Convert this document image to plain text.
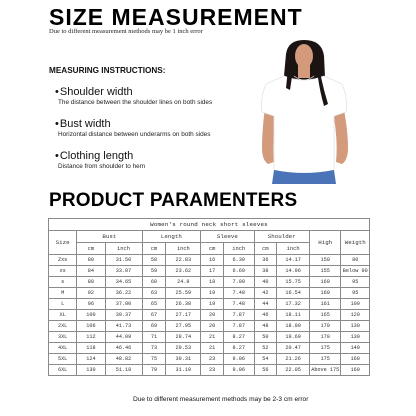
SIZE MEASUREMENT
Due to different measurement methods may be 1 inch error
MEASURING INSTRUCTIONS:
• Shoulder width
The distance between the shoulder lines on both sides
• Bust width
Horizontal distance between underarms on both sides
• Clothing length
Distance from shoulder to hem
PRODUCT PARAMENTERS
Women's round neck short sleeves										
Size	Bust		Length		Sleeve		Shoulder		High	Weigth
	cm	inch	cm	inch	cm	inch	cm	inch		
Zxs	80	31.50	58	22.83	16	6.30	36	14.17	150	80
xs	84	33.07	59	23.62	17	6.69	38	14.96	155	Below 90
s	88	34.65	60	24.9	18	7.09	40	15.75	160	95
M	92	36.22	63	25.59	19	7.48	42	16.54	160	95
L	96	37.80	65	26.38	19	7.48	44	17.32	161	100
XL	100	39.37	67	27.17	20	7.87	46	18.11	165	120
2XL	106	41.73	69	27.95	20	7.87	48	18.90	170	130
3XL	112	44.09	71	28.74	21	8.27	50	19.69	170	130
4XL	118	46.46	73	29.53	21	8.27	52	20.47	175	140
5XL	124	48.82	75	30.31	23	9.06	54	21.26	175	160
6XL	130	51.18	79	31.10	23	9.06	56	22.05	Above 175	160
Due to different measurement methods may be 2-3 cm error
